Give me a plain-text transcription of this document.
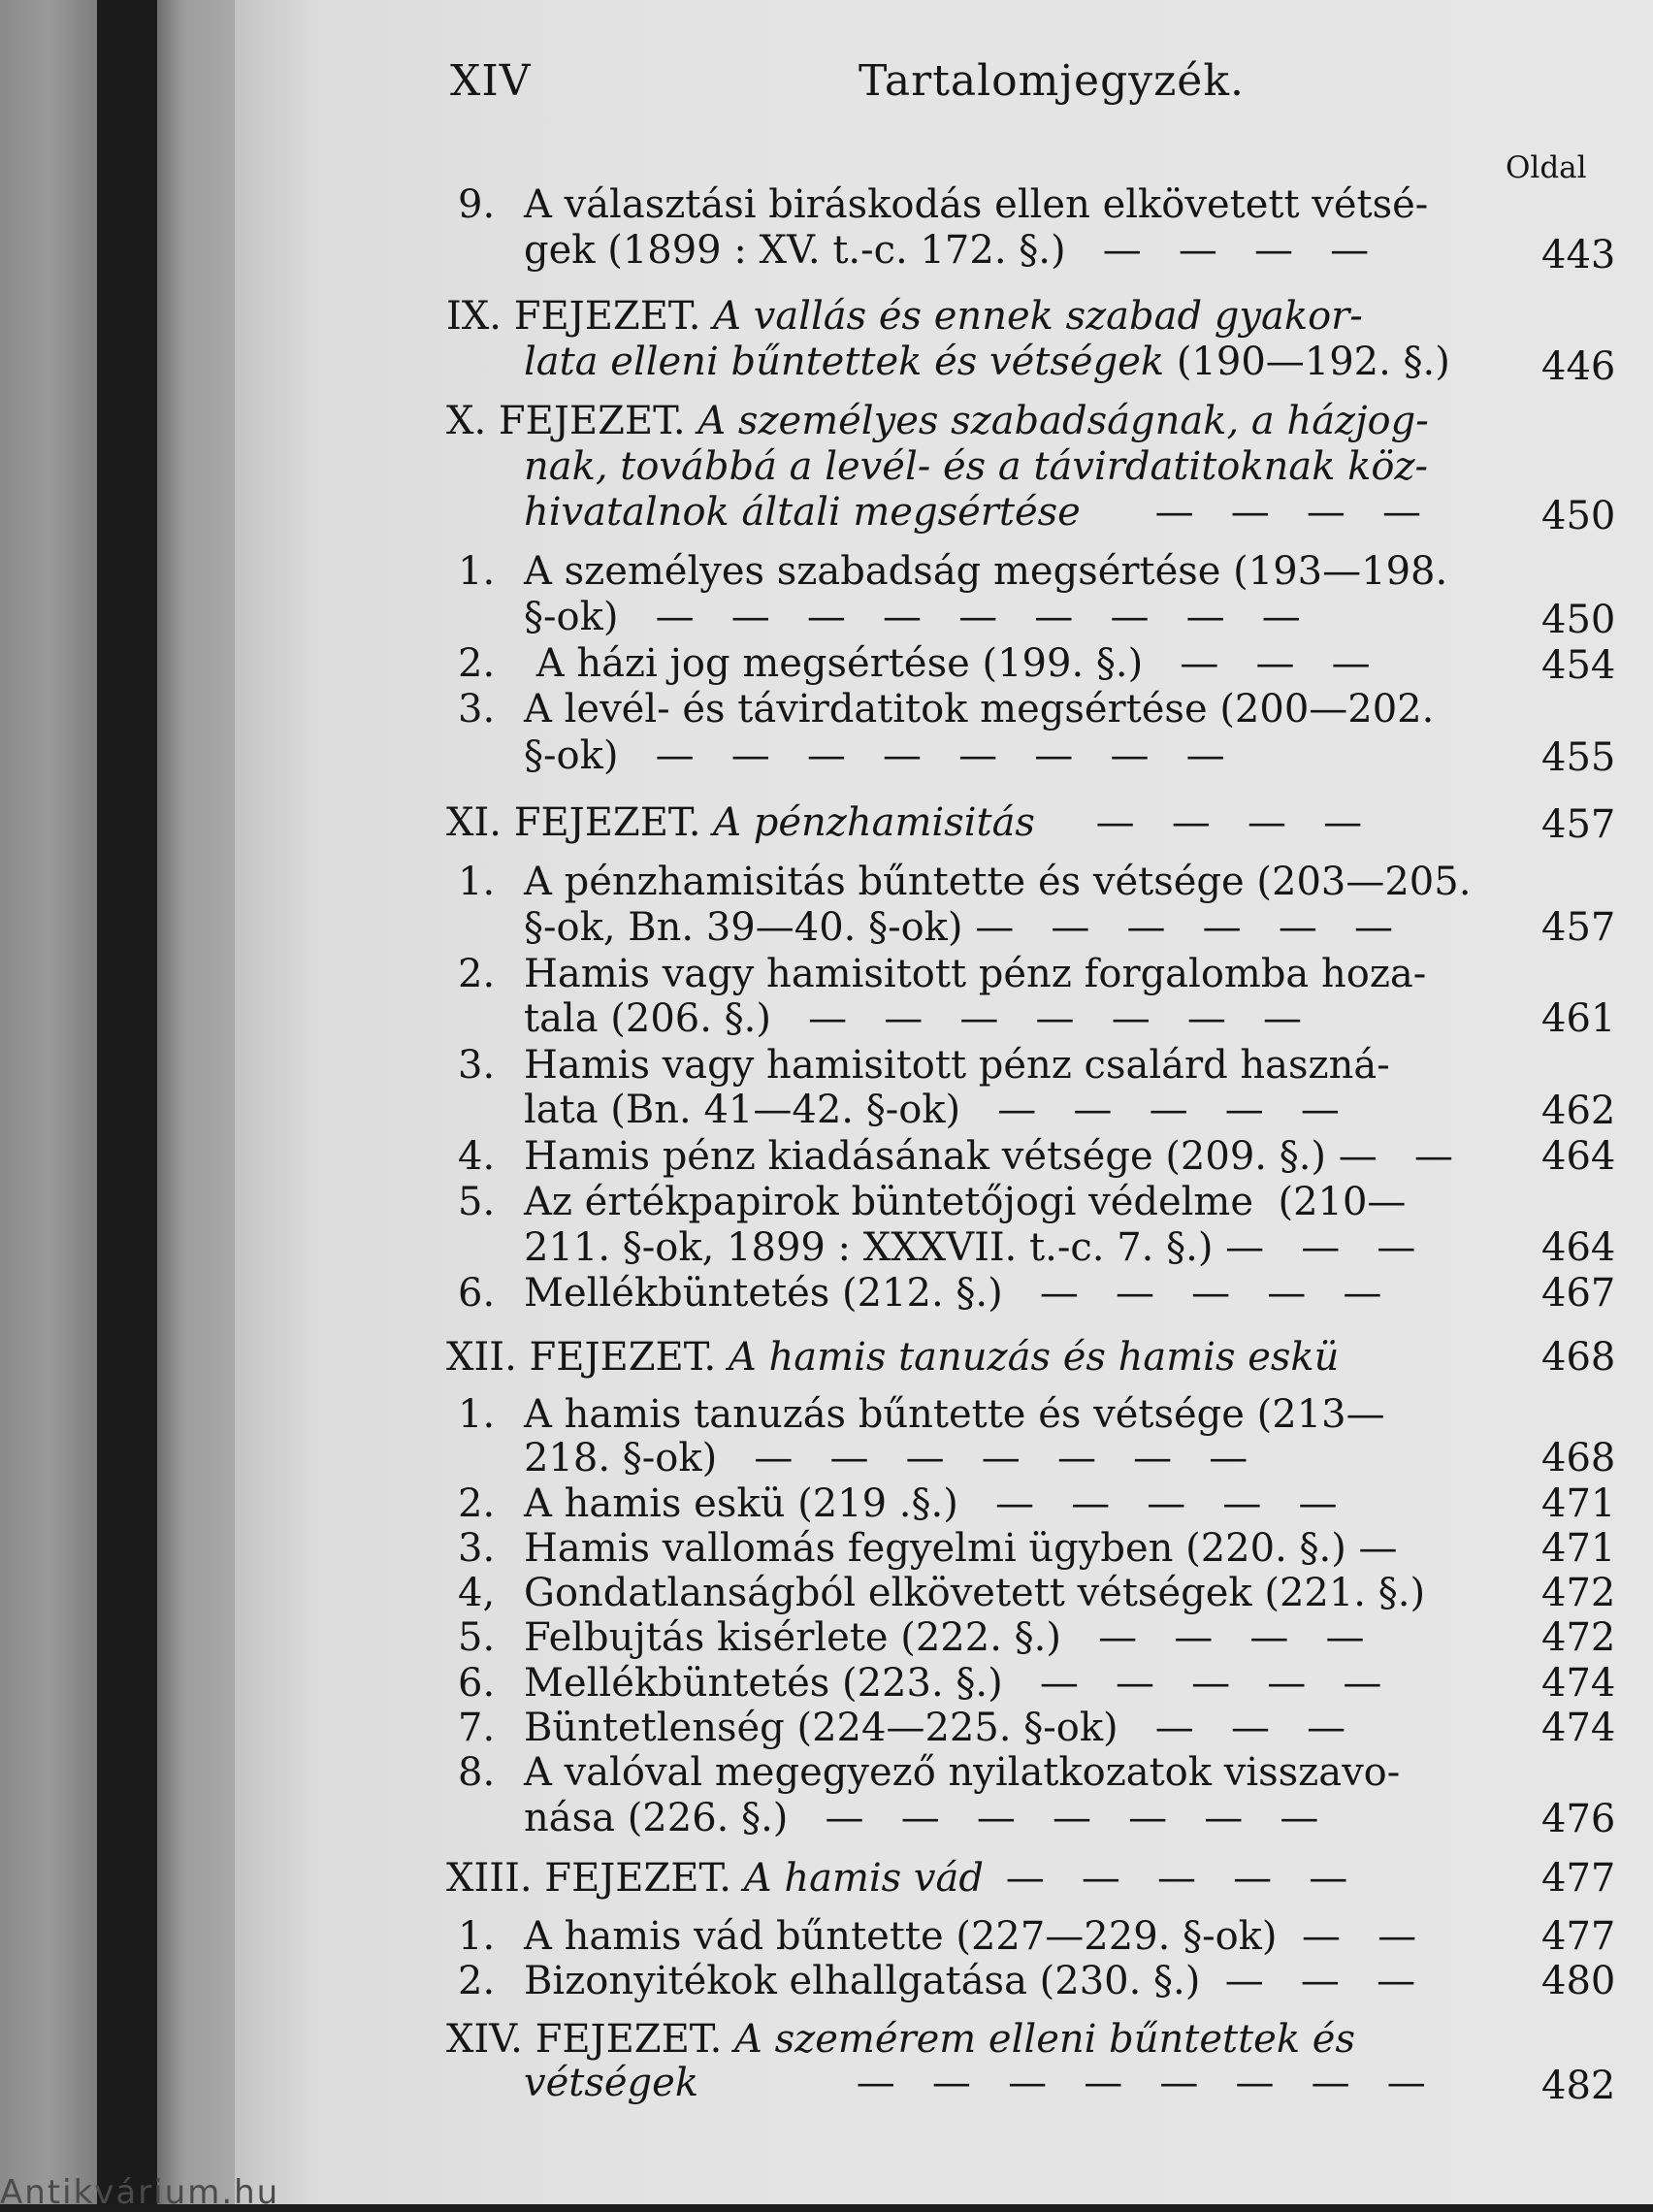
XIV	Tartalomjegyzék.
Oldal
9. A választási biráskodás ellen elkövetett vétsé-
gek (1899 : XV. t.-c. 172. §.)   —   —   —   —	443
IX. FEJEZET. A vallás és ennek szabad gyakor-
lata elleni bűntettek és vétségek (190—192. §.) 446
X. FEJEZET. A személyes szabadságnak, a házjog-
nak, továbbá a levél- és a távirdatitoknak köz-
hivatalnok általi megsértése —   —   —   —	450
1. A személyes szabadság megsértése (193—198.
§-ok)   —   —   —   —   —   —   —   —   —	450
2. A házi jog megsértése (199. §.)   —   —   —	454
3. A levél- és távirdatitok megsértése (200—202.
§-ok)   —   —   —   —   —   —   —   —	455
XI. FEJEZET. A pénzhamisitás —   —   —   —	457
1. A pénzhamisitás bűntette és vétsége (203—205.
§-ok, Bn. 39—40. §-ok) —   —   —   —   —   —	457
2. Hamis vagy hamisitott pénz forgalomba hoza-
tala (206. §.)   —   —   —   —   —   —   —	461
3. Hamis vagy hamisitott pénz csalárd haszná-
lata (Bn. 41—42. §-ok)   —   —   —   —   —	462
4. Hamis pénz kiadásának vétsége (209. §.) —   — 464
5. Az értékpapirok büntetőjogi védelme  (210—
211. §-ok, 1899 : XXXVII. t.-c. 7. §.) —   —   —	464
6. Mellékbüntetés (212. §.)   —   —   —   —   —	467
XII. FEJEZET. A hamis tanuzás és hamis eskü	468
1. A hamis tanuzás bűntette és vétsége (213—
218. §-ok)   —   —   —   —   —   —   —	468
2. A hamis eskü (219 .§.)   —   —   —   —   —	471
3. Hamis vallomás fegyelmi ügyben (220. §.) —	471
4, Gondatlanságból elkövetett vétségek (221. §.)	472
5. Felbujtás kisérlete (222. §.)   —   —   —   —	472
6. Mellékbüntetés (223. §.)   —   —   —   —   —	474
7. Büntetlenség (224—225. §-ok)   —   —   —	474
8. A valóval megegyező nyilatkozatok visszavo-
nása (226. §.)   —   —   —   —   —   —   —	476
XIII. FEJEZET. A hamis vád —   —   —   —   —	477
1. A hamis vád bűntette (227—229. §-ok)  —   —	477
2. Bizonyitékok elhallgatása (230. §.)  —   —   —	480
XIV. FEJEZET. A szemérem elleni bűntettek és
vétségek	—   —   —   —   —   —   —   —	482
Antikvárium.hu
